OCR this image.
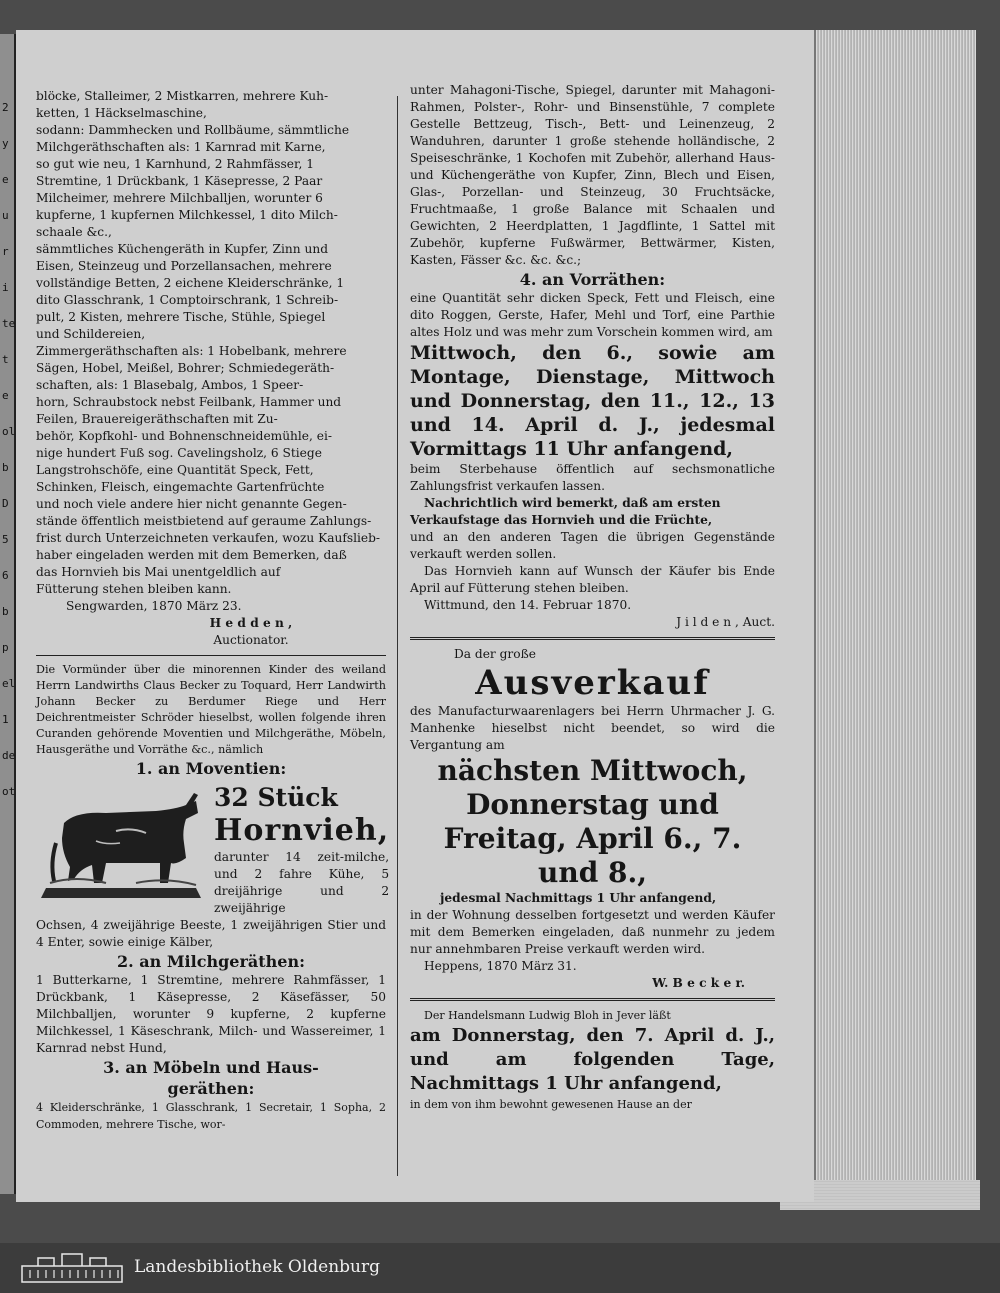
2
y
e
u
r
i
te
t
e
ol
b
D
5
6
b
p
el
1
de
ot
blöcke, Stalleimer, 2 Mistkarren, mehrere Kuh-
ketten, 1 Häckselmaschine,
sodann: Dammhecken und Rollbäume, sämmtliche
Milchgeräthschaften als: 1 Karnrad mit Karne,
so gut wie neu, 1 Karnhund, 2 Rahmfässer, 1
Stremtine, 1 Drückbank, 1 Käsepresse, 2 Paar
Milcheimer, mehrere Milchballjen, worunter 6
kupferne, 1 kupfernen Milchkessel, 1 dito Milch-
schaale &c.,
sämmtliches Küchengeräth in Kupfer, Zinn und
Eisen, Steinzeug und Porzellansachen, mehrere
vollständige Betten, 2 eichene Kleiderschränke, 1
dito Glasschrank, 1 Comptoirschrank, 1 Schreib-
pult, 2 Kisten, mehrere Tische, Stühle, Spiegel
und Schildereien,
Zimmergeräthschaften als: 1 Hobelbank, mehrere
Sägen, Hobel, Meißel, Bohrer; Schmiedegeräth-
schaften, als: 1 Blasebalg, Ambos, 1 Speer-
horn, Schraubstock nebst Feilbank, Hammer und
Feilen, Brauereigeräthschaften mit Zu-
behör, Kopfkohl- und Bohnenschneidemühle, ei-
nige hundert Fuß sog. Cavelingsholz, 6 Stiege
Langstrohschöfe, eine Quantität Speck, Fett,
Schinken, Fleisch, eingemachte Gartenfrüchte
und noch viele andere hier nicht genannte Gegen-
stände öffentlich meistbietend auf geraume Zahlungs-
frist durch Unterzeichneten verkaufen, wozu Kaufslieb-
haber eingeladen werden mit dem Bemerken, daß
das Hornvieh bis Mai unentgeldlich auf
Fütterung stehen bleiben kann.
Sengwarden, 1870 März 23.
H e d d e n ,
Auctionator.
Die Vormünder über die minorennen Kinder des weiland Herrn Landwirths Claus Becker zu Toquard, Herr Landwirth Johann Becker zu Berdumer Riege und Herr Deichrentmeister Schröder hieselbst, wollen folgende ihren Curanden gehörende Moventien und Milchgeräthe, Möbeln, Hausgeräthe und Vorräthe &c., nämlich
1. an Moventien:
32 Stück
Hornvieh,
darunter 14 zeit-milche, und 2 fahre Kühe, 5 dreijährige und 2 zweijährige
Ochsen, 4 zweijährige Beeste, 1 zweijährigen Stier und 4 Enter, sowie einige Kälber,
2. an Milchgeräthen:
1 Butterkarne, 1 Stremtine, mehrere Rahmfässer, 1 Drückbank, 1 Käsepresse, 2 Käsefässer, 50 Milchballjen, worunter 9 kupferne, 2 kupferne Milchkessel, 1 Käseschrank, Milch- und Wassereimer, 1 Karnrad nebst Hund,
3. an Möbeln und Haus-
geräthen:
4 Kleiderschränke, 1 Glasschrank, 1 Secretair, 1 Sopha, 2 Commoden, mehrere Tische, wor-
unter Mahagoni-Tische, Spiegel, darunter mit Mahagoni-Rahmen, Polster-, Rohr- und Binsenstühle, 7 complete Gestelle Bettzeug, Tisch-, Bett- und Leinenzeug, 2 Wanduhren, darunter 1 große stehende holländische, 2 Speiseschränke, 1 Kochofen mit Zubehör, allerhand Haus- und Küchengeräthe von Kupfer, Zinn, Blech und Eisen, Glas-, Porzellan- und Steinzeug, 30 Fruchtsäcke, Fruchtmaaße, 1 große Balance mit Schaalen und Gewichten, 2 Heerdplatten, 1 Jagdflinte, 1 Sattel mit Zubehör, kupferne Fußwärmer, Bettwärmer, Kisten, Kasten, Fässer &c. &c. &c.;
4. an Vorräthen:
eine Quantität sehr dicken Speck, Fett und Fleisch, eine dito Roggen, Gerste, Hafer, Mehl und Torf, eine Parthie altes Holz und was mehr zum Vorschein kommen wird, am
Mittwoch, den 6., sowie am Montage, Dienstage, Mittwoch und Donnerstag, den 11., 12., 13 und 14. April d. J., jedesmal Vormittags 11 Uhr anfangend,
beim Sterbehause öffentlich auf sechsmonatliche Zahlungsfrist verkaufen lassen.
Nachrichtlich wird bemerkt, daß am ersten
Verkaufstage das Hornvieh und die Früchte,
und an den anderen Tagen die übrigen Gegenstände verkauft werden sollen.
Das Hornvieh kann auf Wunsch der Käufer bis Ende April auf Fütterung stehen bleiben.
Wittmund, den 14. Februar 1870.
J i l d e n , Auct.
Da der große
Ausverkauf
des Manufacturwaarenlagers bei Herrn Uhrmacher J. G. Manhenke hieselbst nicht beendet, so wird die Vergantung am
nächsten Mittwoch, Donnerstag und Freitag, April 6., 7. und 8.,
jedesmal Nachmittags 1 Uhr anfangend,
in der Wohnung desselben fortgesetzt und werden Käufer mit dem Bemerken eingeladen, daß nunmehr zu jedem nur annehmbaren Preise verkauft werden wird.
Heppens, 1870 März 31.
W. B e c k e r.
Der Handelsmann Ludwig Bloh in Jever läßt
am Donnerstag, den 7. April d. J., und am folgenden Tage, Nachmittags 1 Uhr anfangend,
in dem von ihm bewohnt gewesenen Hause an der
Landesbibliothek Oldenburg
